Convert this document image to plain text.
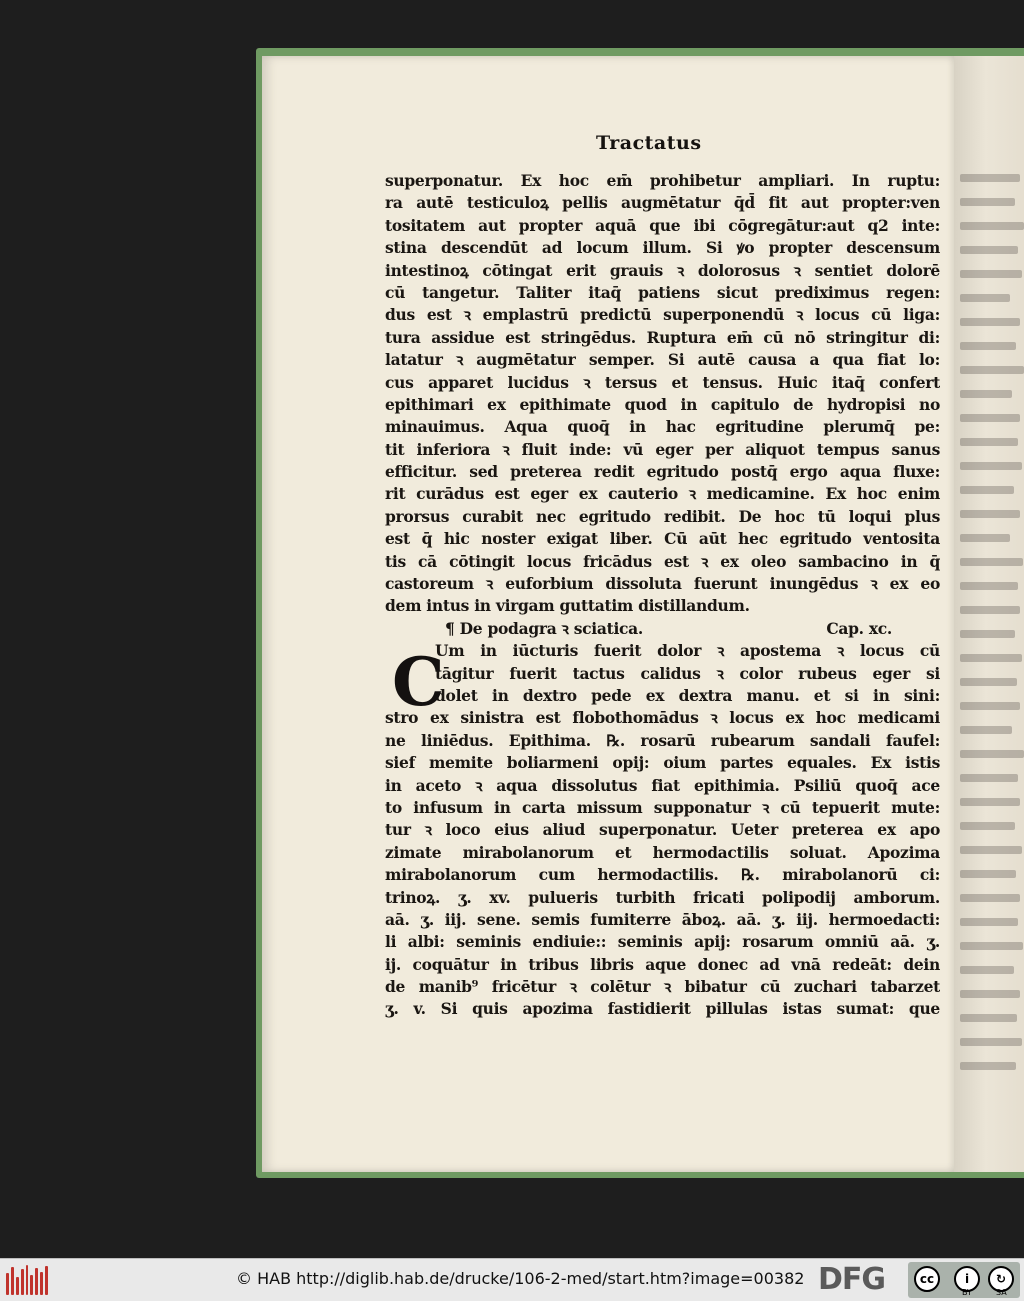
Tractatus
superponatur. Ex hoc em̄ prohibetur ampliari. In ruptu:
ra autē testiculoꝝ pellis augmētatur q̄d̄ fit aut propter:ven
tositatem aut propter aquā que ibi cōgregātur:aut q2 inte:
stina descendūt ad locum illum. Si ꝟo propter descensum
intestinoꝝ cōtingat erit grauis ꝛ dolorosus ꝛ sentiet dolorē
cū tangetur. Taliter itaq̄ patiens sicut prediximus regen:
dus est ꝛ emplastrū predictū superponendū ꝛ locus cū liga:
tura assidue est stringēdus. Ruptura em̄ cū nō stringitur di:
latatur ꝛ augmētatur semper. Si autē causa a qua fiat lo:
cus apparet lucidus ꝛ tersus et tensus. Huic itaq̄ confert
epithimari ex epithimate quod in capitulo de hydropisi no
minauimus. Aqua quoq̄ in hac egritudine plerumq̄ pe:
tit inferiora ꝛ fluit inde: vū eger per aliquot tempus sanus
efficitur. sed preterea redit egritudo postq̄ ergo aqua fluxe:
rit curādus est eger ex cauterio ꝛ medicamine. Ex hoc enim
prorsus curabit nec egritudo redibit. De hoc tū loqui plus
est q̄ hic noster exigat liber. Cū aūt hec egritudo ventosita
tis cā cōtingit locus fricādus est ꝛ ex oleo sambacino in q̄
castoreum ꝛ euforbium dissoluta fuerunt inungēdus ꝛ ex eo
dem intus in virgam guttatim distillandum.
¶ De podagra ꝛ sciatica.	Cap. xc.
Um in iūcturis fuerit dolor ꝛ apostema ꝛ locus cū
tāgitur fuerit tactus calidus ꝛ color rubeus eger si
dolet in dextro pede ex dextra manu. et si in sini:
stro ex sinistra est flobothomādus ꝛ locus ex hoc medicami
ne liniēdus. Epithima. ℞. rosarū rubearum sandali faufel:
sief memite boliarmeni opij: oium partes equales. Ex istis
in aceto ꝛ aqua dissolutus fiat epithimia. Psiliū quoq̄ ace
to infusum in carta missum supponatur ꝛ cū tepuerit mute:
tur ꝛ loco eius aliud superponatur. Ueter preterea ex apo
zimate mirabolanorum et hermodactilis soluat. Apozima
mirabolanorum cum hermodactilis. ℞. mirabolanorū ci:
trinoꝝ. ʒ. xv. pulueris turbith fricati polipodij amborum.
aā. ʒ. iij. sene. semis fumiterre āboꝝ. aā. ʒ. iij. hermoedacti:
li albi: seminis endiuie:: seminis apij: rosarum omniū aā. ʒ.
ij. coquātur in tribus libris aque donec ad vnā redeāt: dein
de manib⁹ fricētur ꝛ colētur ꝛ bibatur cū zuchari tabarzet
ʒ. v. Si quis apozima fastidierit pillulas istas sumat: que
C
© HAB http://diglib.hab.de/drucke/106-2-med/start.htm?image=00382 DFG	cc	i	↻
BY	SA
